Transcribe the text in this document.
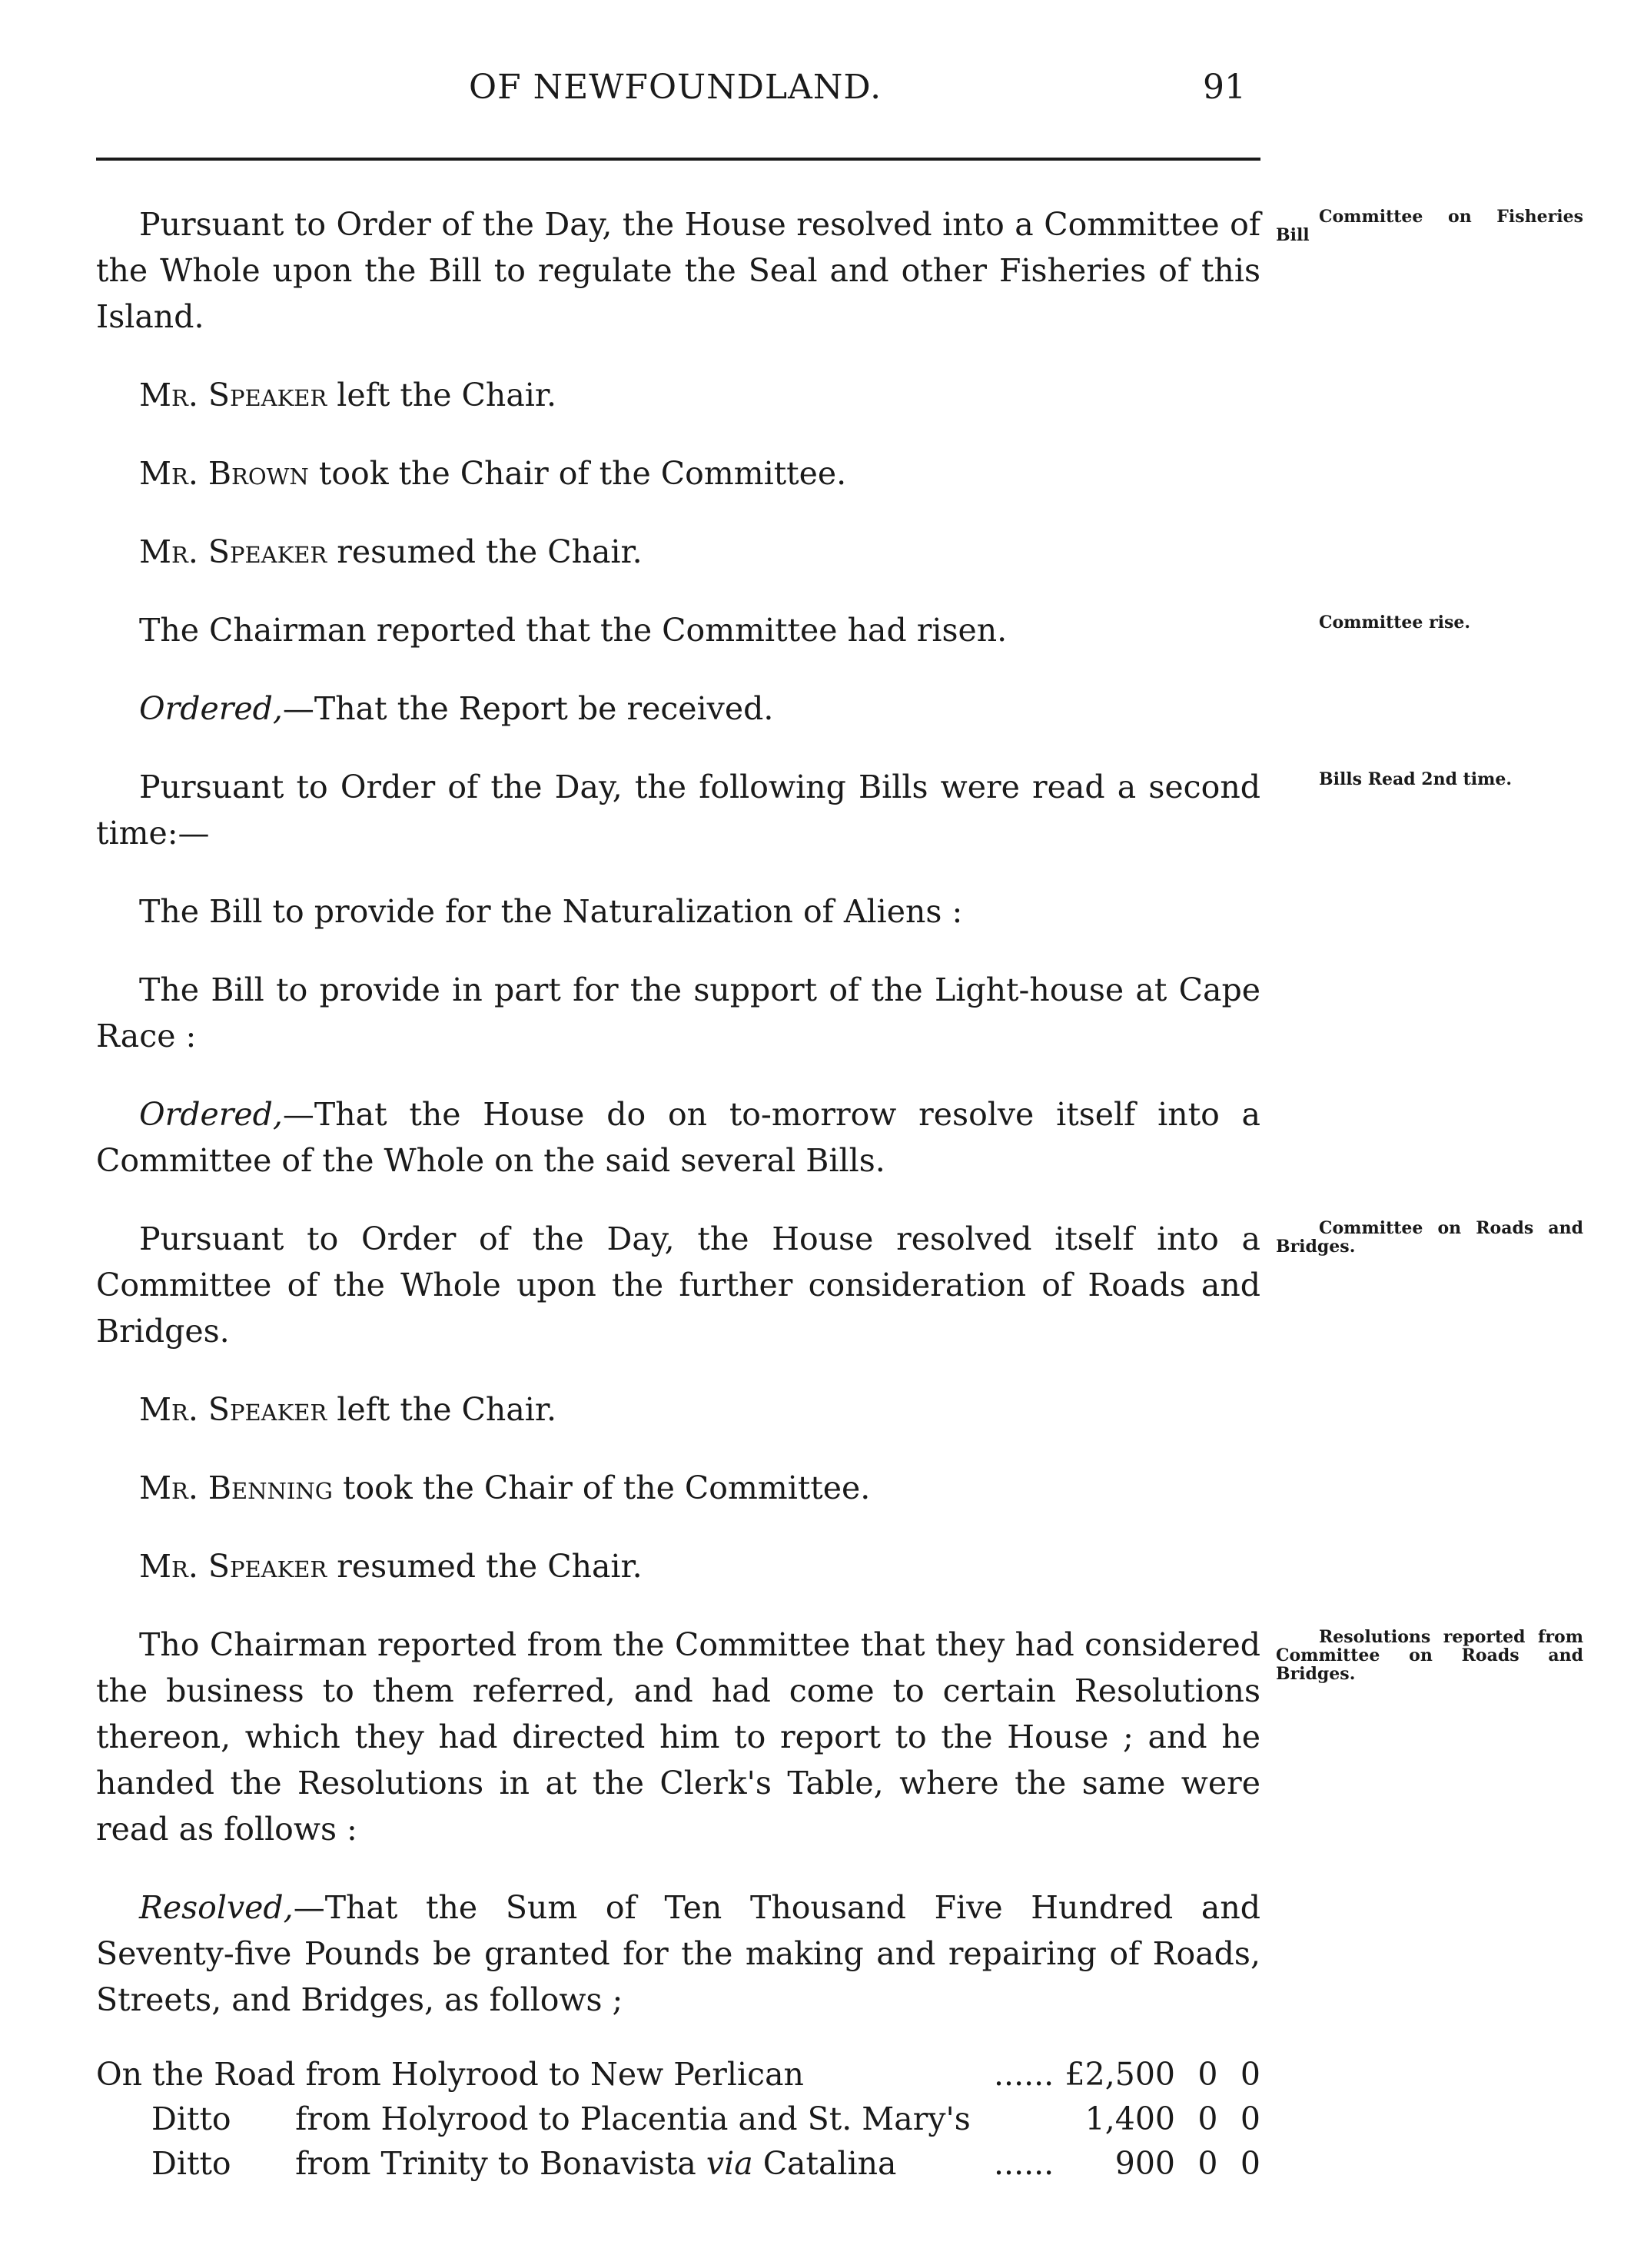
OF NEWFOUNDLAND.	91

Pursuant to Order of the Day, the House resolved into a Committee of the Whole upon the Bill to regulate the Seal and other Fisheries of this Island.
Committee on Fisheries Bill

Mr. Speaker left the Chair.

Mr. Brown took the Chair of the Committee.

Mr. Speaker resumed the Chair.

The Chairman reported that the Committee had risen.	Committee rise.

Ordered,—That the Report be received.

Pursuant to Order of the Day, the following Bills were read a second time:—
Bills Read 2nd time.

The Bill to provide for the Naturalization of Aliens :

The Bill to provide in part for the support of the Light-house at Cape Race :

Ordered,—That the House do on to-morrow resolve itself into a Committee of the Whole on the said several Bills.

Pursuant to Order of the Day, the House resolved itself into a Committee of the Whole upon the further consideration of Roads and Bridges.
Committee on Roads and Bridges.

Mr. Speaker left the Chair.

Mr. Benning took the Chair of the Committee.

Mr. Speaker resumed the Chair.

Tho Chairman reported from the Committee that they had considered the business to them referred, and had come to certain Resolutions thereon, which they had directed him to report to the House ; and he handed the Resolutions in at the Clerk's Table, where the same were read as follows :
Resolutions reported from Committee on Roads and Bridges.

Resolved,—That the Sum of Ten Thousand Five Hundred and Seventy-five Pounds be granted for the making and repairing of Roads, Streets, and Bridges, as follows ;

On the Road from Holyrood to New Perlican		......	£2,500	0	0
Ditto	from Holyrood to Placentia and St. Mary's		1,400	0	0
Ditto	from Trinity to Bonavista via Catalina	......	900	0	0
